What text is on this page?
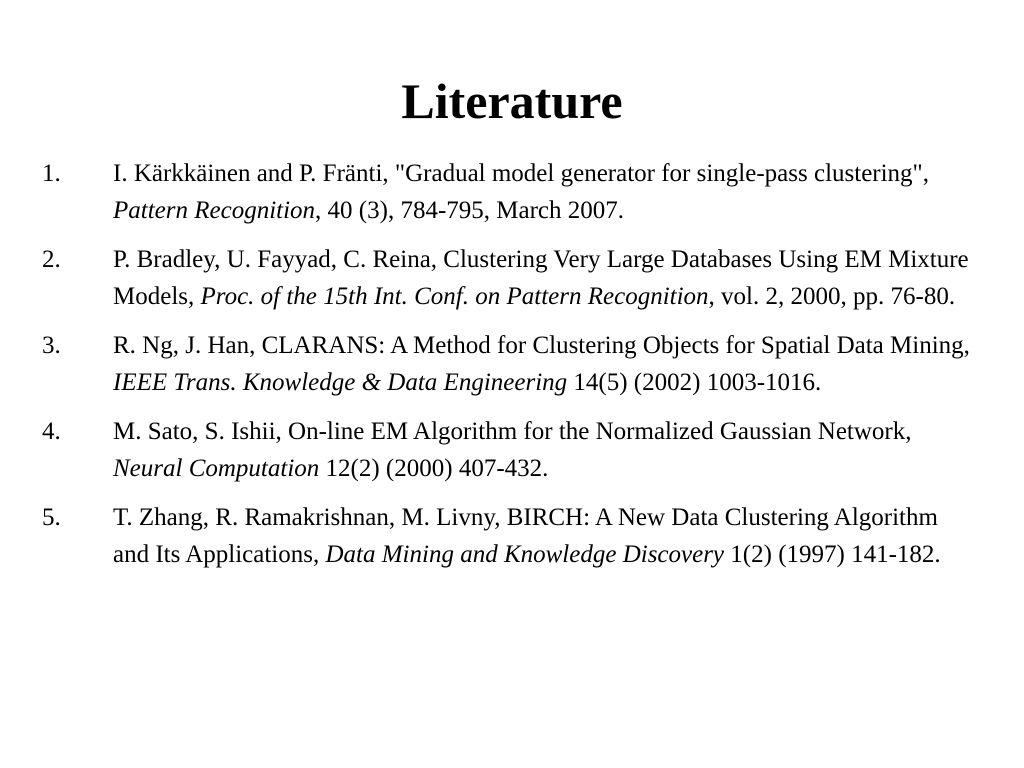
Literature
1.	I. Kärkkäinen and P. Fränti, "Gradual model generator for single-pass clustering", Pattern Recognition, 40 (3), 784-795, March 2007.
2.	P. Bradley, U. Fayyad, C. Reina, Clustering Very Large Databases Using EM Mixture Models, Proc. of the 15th Int. Conf. on Pattern Recognition, vol. 2, 2000, pp. 76-80.
3.	R. Ng, J. Han, CLARANS: A Method for Clustering Objects for Spatial Data Mining, IEEE Trans. Knowledge & Data Engineering 14(5) (2002) 1003-1016.
4.	M. Sato, S. Ishii, On-line EM Algorithm for the Normalized Gaussian Network, Neural Computation 12(2) (2000) 407-432.
5.	T. Zhang, R. Ramakrishnan, M. Livny, BIRCH: A New Data Clustering Algorithm and Its Applications, Data Mining and Knowledge Discovery 1(2) (1997) 141-182.
